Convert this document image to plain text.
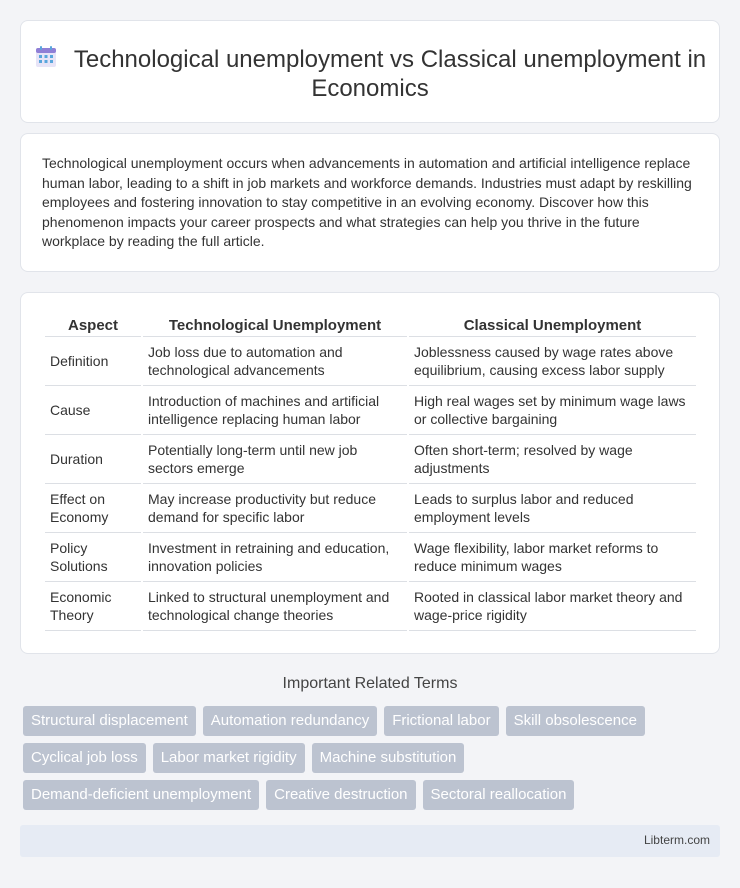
Technological unemployment vs Classical unemployment in Economics

Technological unemployment occurs when advancements in automation and artificial intelligence replace human labor, leading to a shift in job markets and workforce demands. Industries must adapt by reskilling employees and fostering innovation to stay competitive in an evolving economy. Discover how this phenomenon impacts your career prospects and what strategies can help you thrive in the future workplace by reading the full article.

Aspect	Technological Unemployment	Classical Unemployment
Definition	Job loss due to automation and technological advancements	Joblessness caused by wage rates above equilibrium, causing excess labor supply
Cause	Introduction of machines and artificial intelligence replacing human labor	High real wages set by minimum wage laws or collective bargaining
Duration	Potentially long-term until new job sectors emerge	Often short-term; resolved by wage adjustments
Effect on Economy	May increase productivity but reduce demand for specific labor	Leads to surplus labor and reduced employment levels
Policy Solutions	Investment in retraining and education, innovation policies	Wage flexibility, labor market reforms to reduce minimum wages
Economic Theory	Linked to structural unemployment and technological change theories	Rooted in classical labor market theory and wage-price rigidity
Important Related Terms
Structural displacement	Automation redundancy	Frictional labor	Skill obsolescence
Cyclical job loss	Labor market rigidity	Machine substitution
Demand-deficient unemployment	Creative destruction	Sectoral reallocation
Libterm.com
